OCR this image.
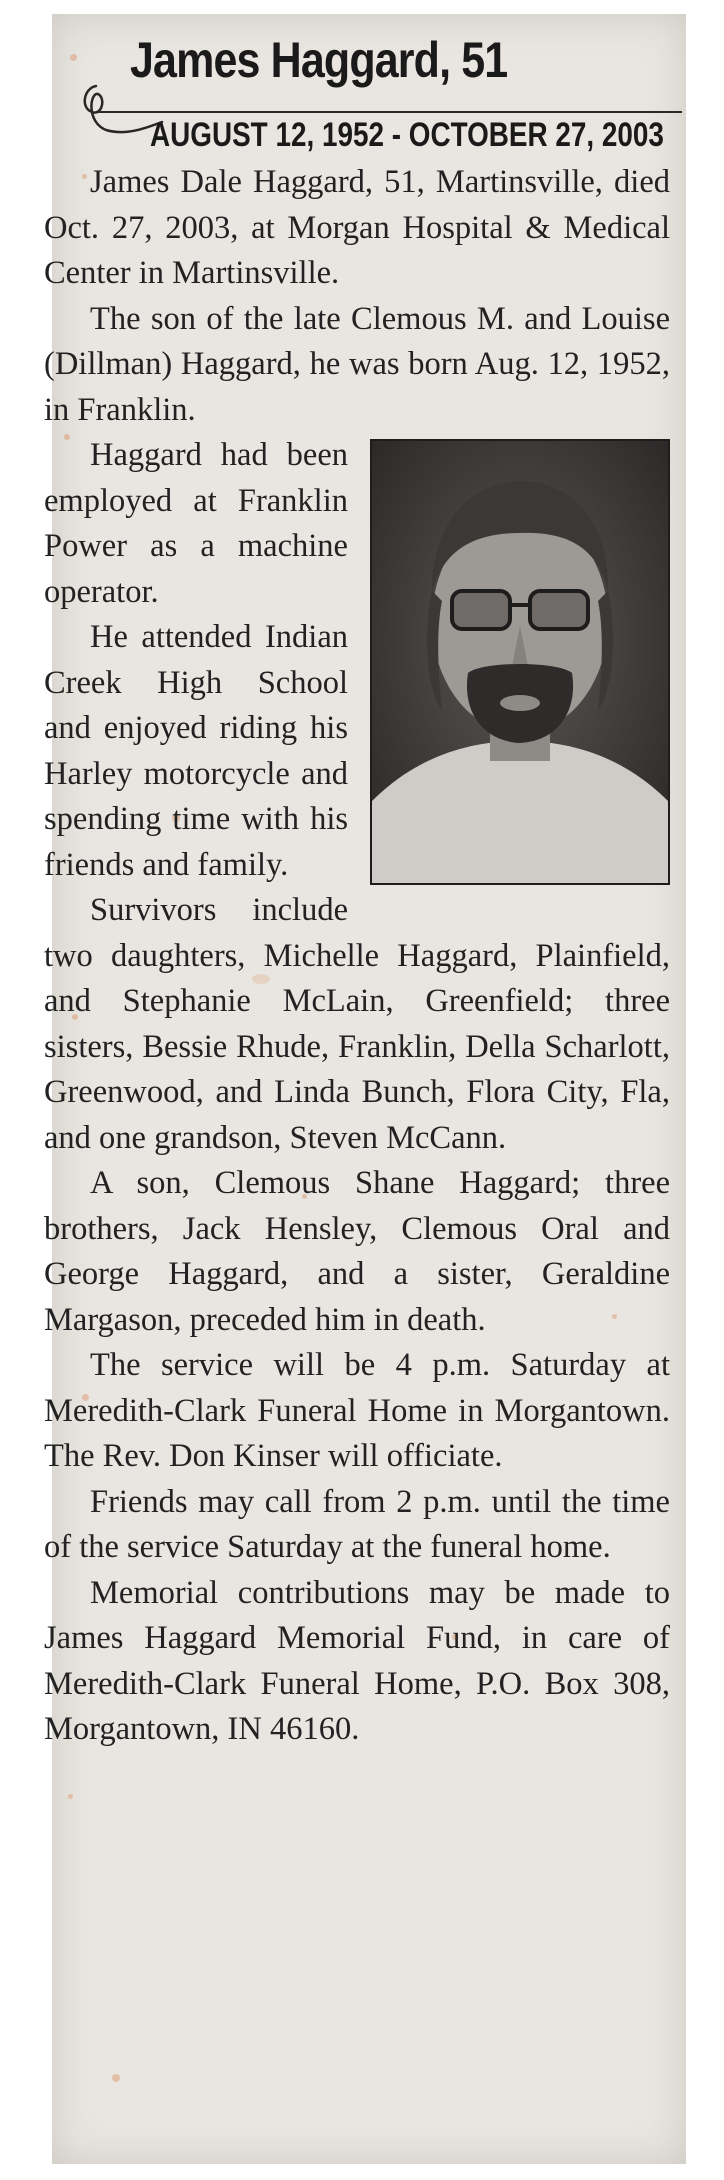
James Haggard, 51
AUGUST 12, 1952 - OCTOBER 27, 2003

James Dale Haggard, 51, Martinsville, died Oct. 27, 2003, at Morgan Hospital & Medical Center in Martinsville.

The son of the late Clemous M. and Louise (Dillman) Haggard, he was born Aug. 12, 1952, in Franklin.

Haggard had been employed at Franklin Power as a machine operator.

He attended Indian Creek High School and enjoyed riding his Harley motorcycle and spending time with his friends and family.

Survivors include two daughters, Michelle Haggard, Plainfield, and Stephanie McLain, Greenfield; three sisters, Bessie Rhude, Franklin, Della Scharlott, Greenwood, and Linda Bunch, Flora City, Fla, and one grandson, Steven McCann.

A son, Clemous Shane Haggard; three brothers, Jack Hensley, Clemous Oral and George Haggard, and a sister, Geraldine Margason, preceded him in death.

The service will be 4 p.m. Saturday at Meredith-Clark Funeral Home in Morgantown. The Rev. Don Kinser will officiate.

Friends may call from 2 p.m. until the time of the service Saturday at the funeral home.

Memorial contributions may be made to James Haggard Memorial Fund, in care of Meredith-Clark Funeral Home, P.O. Box 308, Morgantown, IN 46160.
